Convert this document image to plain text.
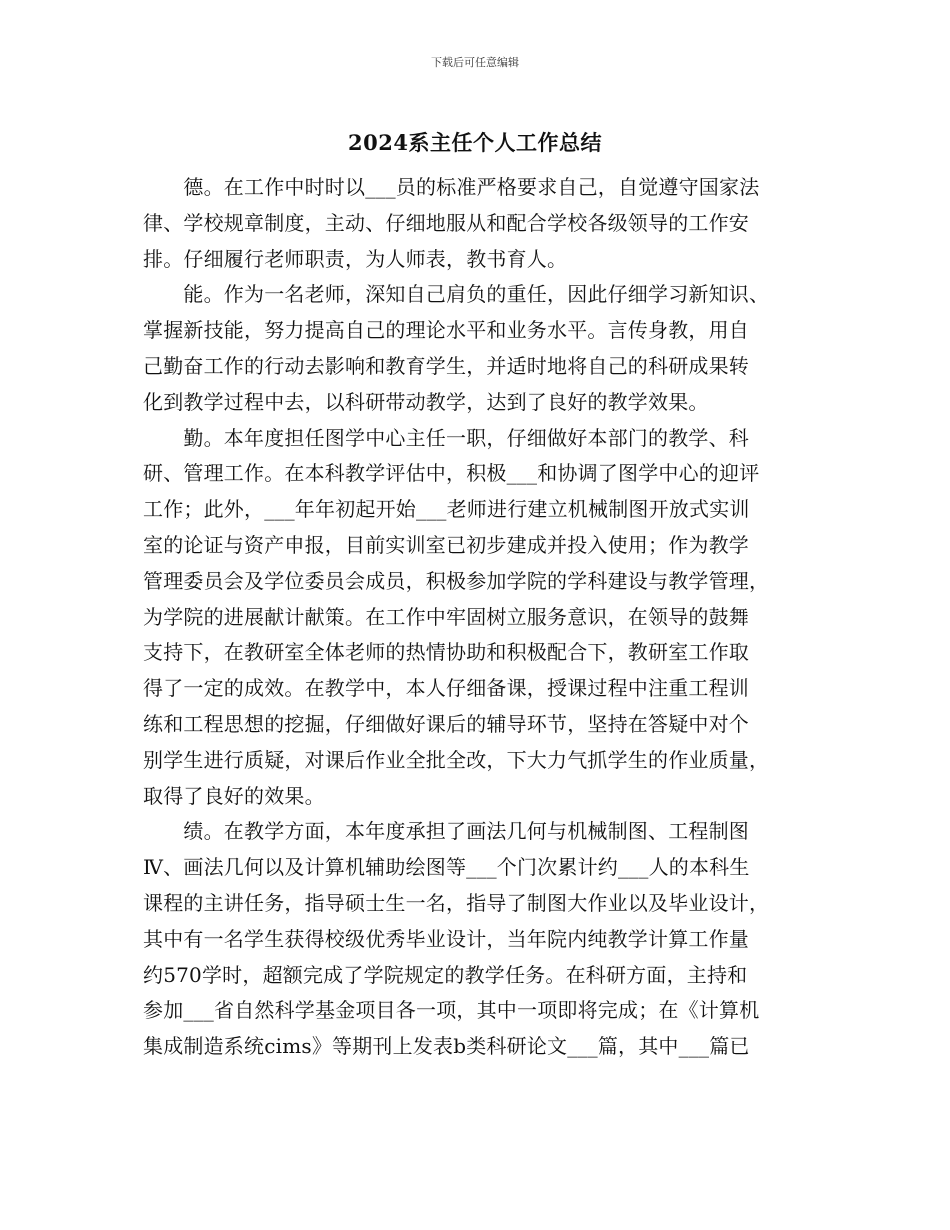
下载后可任意编辑
2024系主任个人工作总结
　　德。在工作中时时以___员的标准严格要求自己，自觉遵守国家法
律、学校规章制度，主动、仔细地服从和配合学校各级领导的工作安
排。仔细履行老师职责，为人师表，教书育人。
　　能。作为一名老师，深知自己肩负的重任，因此仔细学习新知识、
掌握新技能，努力提高自己的理论水平和业务水平。言传身教，用自
己勤奋工作的行动去影响和教育学生，并适时地将自己的科研成果转
化到教学过程中去，以科研带动教学，达到了良好的教学效果。
　　勤。本年度担任图学中心主任一职，仔细做好本部门的教学、科
研、管理工作。在本科教学评估中，积极___和协调了图学中心的迎评
工作；此外，___年年初起开始___老师进行建立机械制图开放式实训
室的论证与资产申报，目前实训室已初步建成并投入使用；作为教学
管理委员会及学位委员会成员，积极参加学院的学科建设与教学管理，
为学院的进展献计献策。在工作中牢固树立服务意识，在领导的鼓舞
支持下，在教研室全体老师的热情协助和积极配合下，教研室工作取
得了一定的成效。在教学中，本人仔细备课，授课过程中注重工程训
练和工程思想的挖掘，仔细做好课后的辅导环节，坚持在答疑中对个
别学生进行质疑，对课后作业全批全改，下大力气抓学生的作业质量，
取得了良好的效果。
　　绩。在教学方面，本年度承担了画法几何与机械制图、工程制图
Ⅳ、画法几何以及计算机辅助绘图等___个门次累计约___人的本科生
课程的主讲任务，指导硕士生一名，指导了制图大作业以及毕业设计，
其中有一名学生获得校级优秀毕业设计，当年院内纯教学计算工作量
约570学时，超额完成了学院规定的教学任务。在科研方面，主持和
参加___省自然科学基金项目各一项，其中一项即将完成；在《计算机
集成制造系统cims》等期刊上发表b类科研论文___篇，其中___篇已
